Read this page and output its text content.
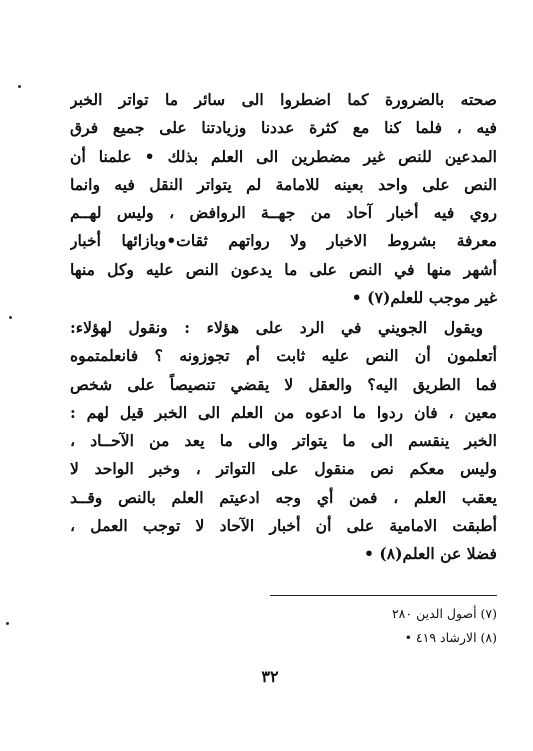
صحته بالضرورة كما اضطروا الى سائر ما تواتر الخبر
فيه ، فلما كنا مع كثرة عددنا وزيادتنا على جميع فرق
المدعين للنص غير مضطرين الى العلم بذلك • علمنا أن
النص على واحد بعينه للامامة لم يتواتر النقل فيه وانما
روي فيه أخبار آحاد من جهــة الروافض ، وليس لهــم
معرفة بشروط الاخبار ولا رواتهم ثقات•وبازائها أخبار
أشهر منها في النص على ما يدعون النص عليه وكل منها
غير موجب للعلم(٧) •
ويقول الجويني في الرد على هؤلاء : ونقول لهؤلاء:
أتعلمون أن النص عليه ثابت أم تجوزونه ؟ فانعلمتموه
فما الطريق اليه؟ والعقل لا يقضي تنصيصاً على شخص
معين ، فان ردوا ما ادعوه من العلم الى الخبر قيل لهم :
الخبر ينقسم الى ما يتواتر والى ما يعد من الآحــاد ،
وليس معكم نص منقول على التواتر ، وخبر الواحد لا
يعقب العلم ، فمن أي وجه ادعيتم العلم بالنص وقــد
أطبقت الامامية على أن أخبار الآحاد لا توجب العمل ،
فضلا عن العلم(٨) •
(٧) أصول الدين ٢٨٠
(٨) الارشاد ٤١٩ •
٣٢
